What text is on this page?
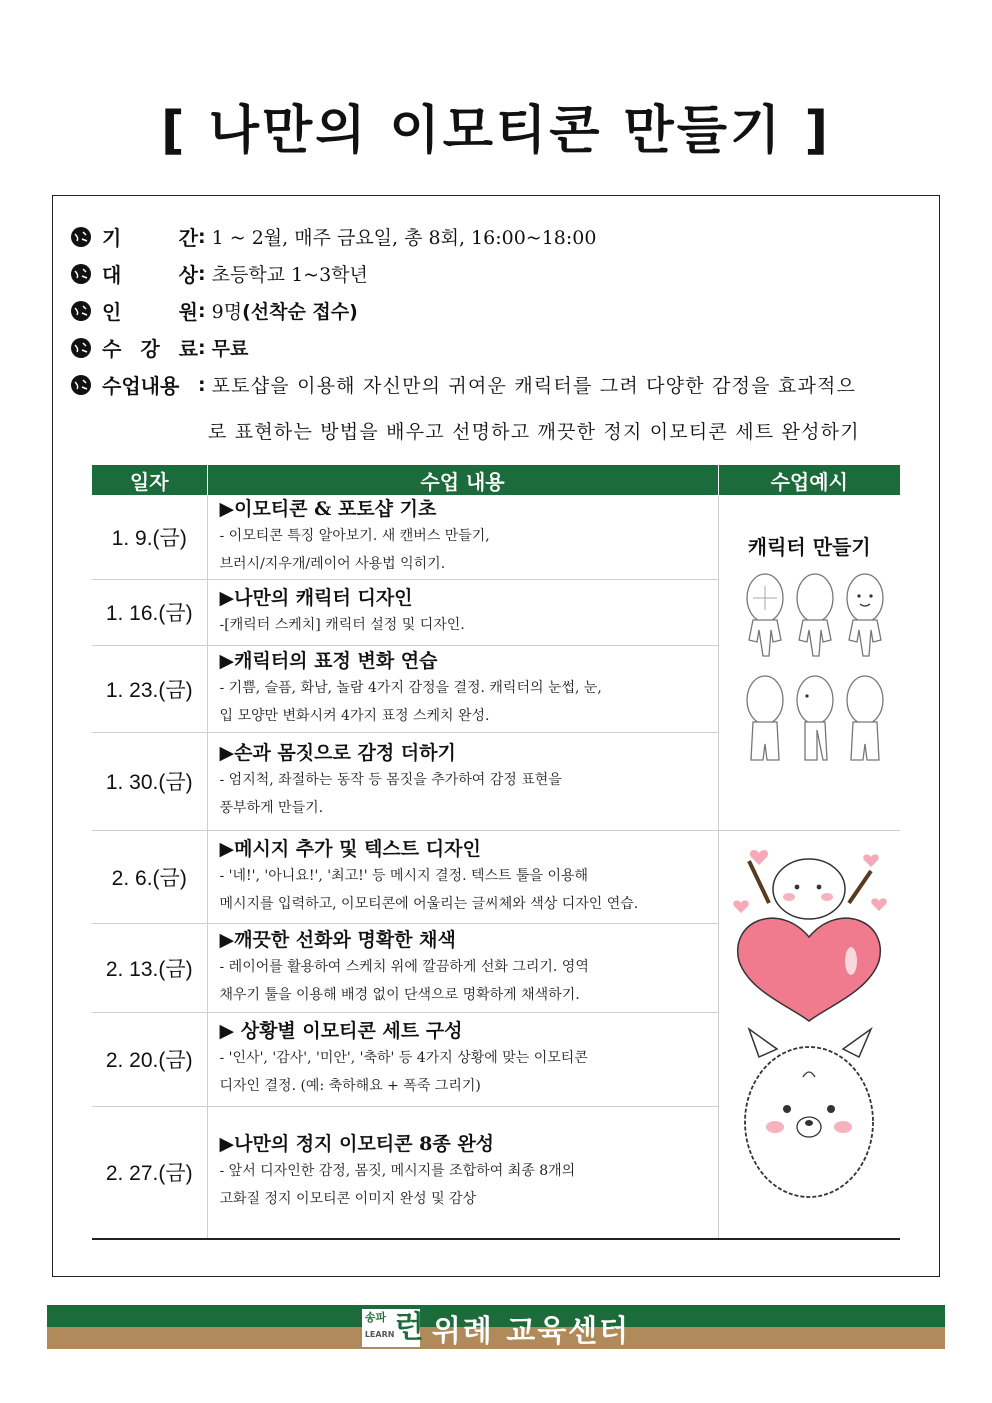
[ 나만의 이모티콘 만들기 ]
기 간 : 1 ~ 2월, 매주 금요일, 총 8회, 16:00~18:00
대 상 : 초등학교 1~3학년
인 원 : 9명(선착순 접수)
수 강 료 : 무료
수업내용 : 포토샵을 이용해 자신만의 귀여운 캐릭터를 그려 다양한 감정을 효과적으
로 표현하는 방법을 배우고 선명하고 깨끗한 정지 이모티콘 세트 완성하기
일자	수업 내용	수업예시
1. 9.(금)	▶이모티콘 & 포토샵 기초
- 이모티콘 특징 알아보기. 새 캔버스 만들기,
브러시/지우개/레이어 사용법 익히기.	캐릭터 만들기

1. 16.(금)	▶나만의 캐릭터 디자인
-[캐릭터 스케치] 캐릭터 설정 및 디자인.	

1. 23.(금)	▶캐릭터의 표정 변화 연습
- 기쁨, 슬픔, 화남, 놀람 4가지 감정을 결정. 캐릭터의 눈썹, 눈,
입 모양만 변화시켜 4가지 표정 스케치 완성.	

1. 30.(금)	▶손과 몸짓으로 감정 더하기
- 엄지척, 좌절하는 동작 등 몸짓을 추가하여 감정 표현을
풍부하게 만들기.	

2. 6.(금)	▶메시지 추가 및 텍스트 디자인
- '네!', '아니요!', '최고!' 등 메시지 결정. 텍스트 툴을 이용해
메시지를 입력하고, 이모티콘에 어울리는 글씨체와 색상 디자인 연습.

2. 13.(금)	▶깨끗한 선화와 명확한 채색
- 레이어를 활용하여 스케치 위에 깔끔하게 선화 그리기. 영역
채우기 툴을 이용해 배경 없이 단색으로 명확하게 채색하기.	

2. 20.(금)	▶ 상황별 이모티콘 세트 구성
- '인사', '감사', '미안', '축하' 등 4가지 상황에 맞는 이모티콘
디자인 결정. (예: 축하해요 + 폭죽 그리기)	

2. 27.(금)	▶나만의 정지 이모티콘 8종 완성
- 앞서 디자인한 감정, 몸짓, 메시지를 조합하여 최종 8개의
고화질 정지 이모티콘 이미지 완성 및 감상	
송파
LEARN 런 위례 교육센터
